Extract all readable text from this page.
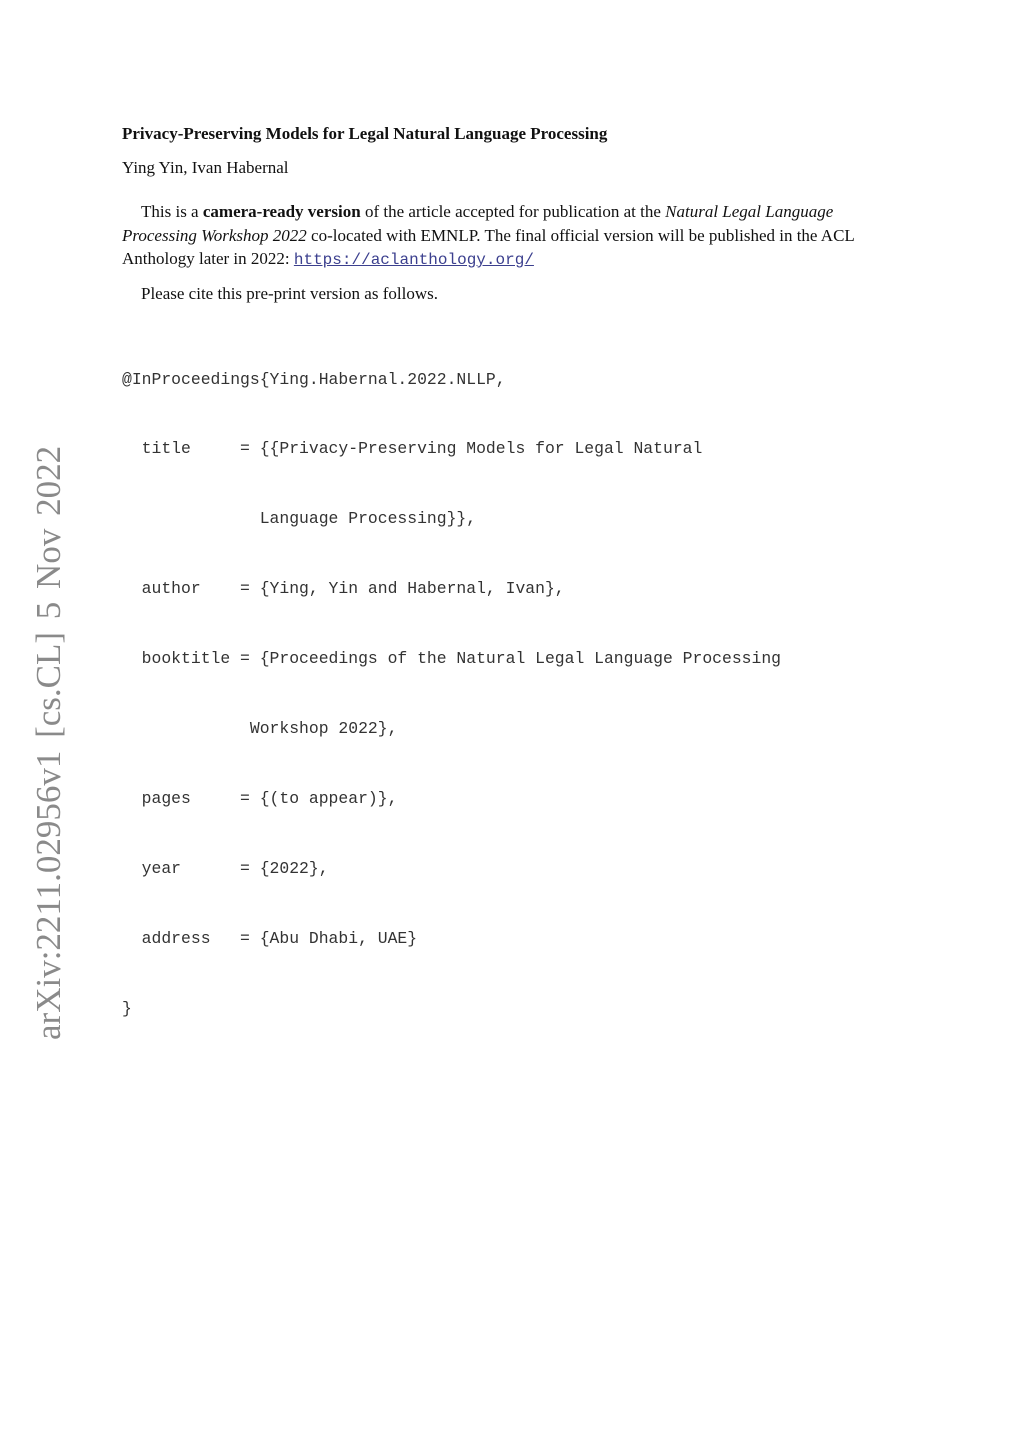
arXiv:2211.02956v1 [cs.CL] 5 Nov 2022
Privacy-Preserving Models for Legal Natural Language Processing
Ying Yin, Ivan Habernal

This is a camera-ready version of the article accepted for publication at the Natural Legal Language Processing Workshop 2022 co-located with EMNLP. The final official version will be published in the ACL Anthology later in 2022: https://aclanthology.org/

Please cite this pre-print version as follows.

@InProceedings{Ying.Habernal.2022.NLLP,

title     = {{Privacy-Preserving Models for Legal Natural

Language Processing}},

author    = {Ying, Yin and Habernal, Ivan},

booktitle = {Proceedings of the Natural Legal Language Processing

Workshop 2022},

pages     = {(to appear)},

year      = {2022},

address   = {Abu Dhabi, UAE}

}
